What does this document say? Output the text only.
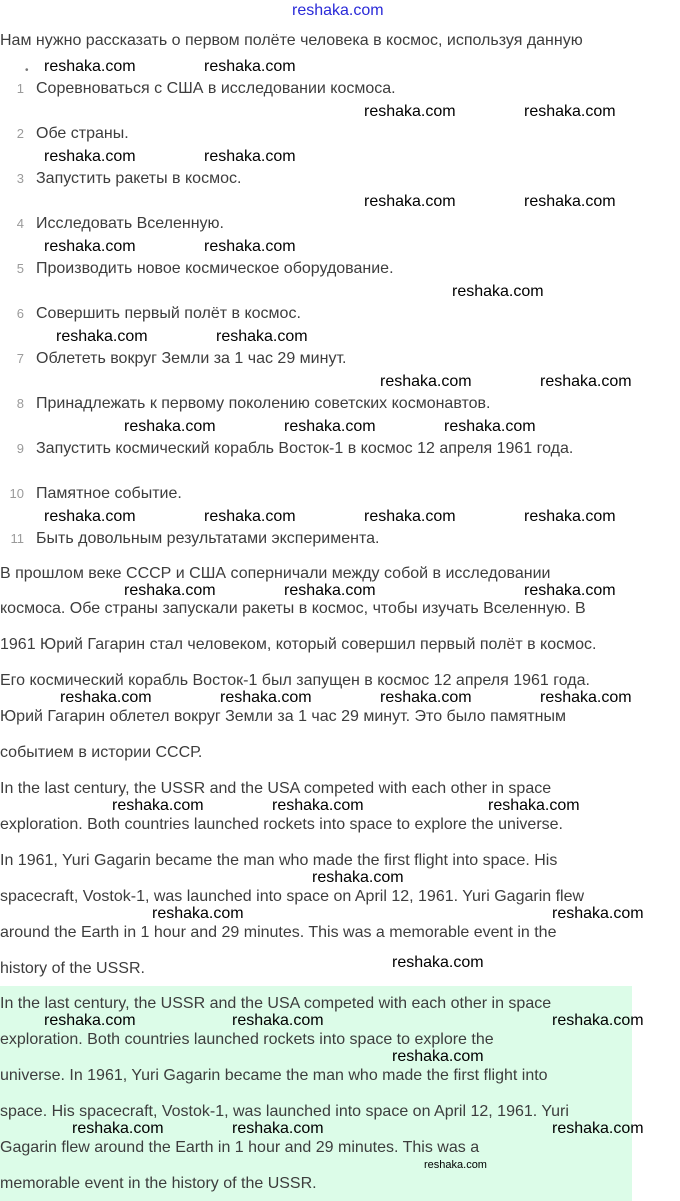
reshaka.com
Нам нужно рассказать о первом полёте человека в космос, используя данную
•
1 Соревноваться с США в исследовании космоса.
2 Обе страны.
3 Запустить ракеты в космос.
4 Исследовать Вселенную.
5 Производить новое космическое оборудование.
6 Совершить первый полёт в космос.
7 Облететь вокруг Земли за 1 час 29 минут.
8 Принадлежать к первому поколению советских космонавтов.
9 Запустить космический корабль Восток-1 в космос 12 апреля 1961 года.
10 Памятное событие.
11 Быть довольным результатами эксперимента.
В прошлом веке СССР и США соперничали между собой в исследовании
космоса. Обе страны запускали ракеты в космос, чтобы изучать Вселенную. В
1961 Юрий Гагарин стал человеком, который совершил первый полёт в космос.
Его космический корабль Восток-1 был запущен в космос 12 апреля 1961 года.
Юрий Гагарин облетел вокруг Земли за 1 час 29 минут. Это было памятным
событием в истории СССР.
In the last century, the USSR and the USA competed with each other in space
exploration. Both countries launched rockets into space to explore the universe.
In 1961, Yuri Gagarin became the man who made the first flight into space. His
spacecraft, Vostok-1, was launched into space on April 12, 1961. Yuri Gagarin flew
around the Earth in 1 hour and 29 minutes. This was a memorable event in the
history of the USSR.
In the last century, the USSR and the USA competed with each other in space
exploration. Both countries launched rockets into space to explore the
universe. In 1961, Yuri Gagarin became the man who made the first flight into
space. His spacecraft, Vostok-1, was launched into space on April 12, 1961. Yuri
Gagarin flew around the Earth in 1 hour and 29 minutes. This was a
memorable event in the history of the USSR.
reshaka.com	reshaka.com
reshaka.com	reshaka.com
reshaka.com	reshaka.com
reshaka.com	reshaka.com
reshaka.com	reshaka.com
reshaka.com
reshaka.com	reshaka.com
reshaka.com	reshaka.com
reshaka.com	reshaka.com	reshaka.com
reshaka.com	reshaka.com	reshaka.com	reshaka.com
reshaka.com	reshaka.com	reshaka.com
reshaka.com	reshaka.com	reshaka.com	reshaka.com
reshaka.com	reshaka.com	reshaka.com
reshaka.com
reshaka.com	reshaka.com
reshaka.com
reshaka.com	reshaka.com	reshaka.com
reshaka.com
reshaka.com	reshaka.com	reshaka.com
reshaka.com
